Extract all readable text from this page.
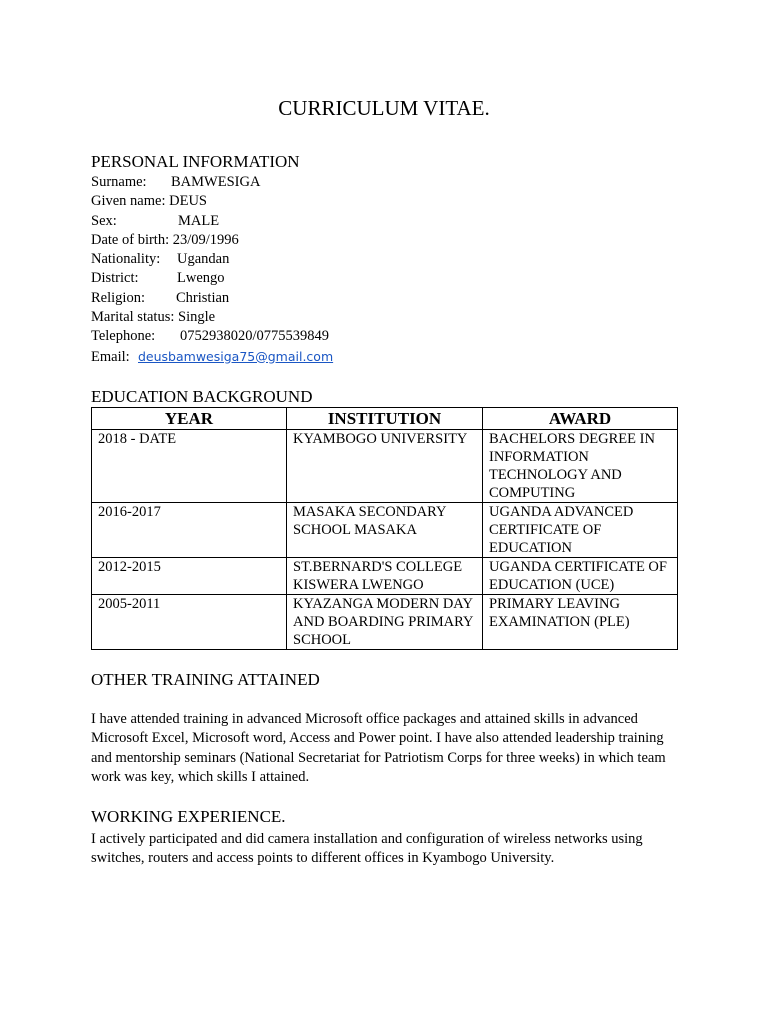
CURRICULUM VITAE.
PERSONAL INFORMATION
Surname: BAMWESIGA
Given name: DEUS
Sex:	MALE
Date of birth: 23/09/1996
Nationality: Ugandan
District:	Lwengo
Religion: Christian
Marital status: Single
Telephone: 0752938020/0775539849
Email: deusbamwesiga75@gmail.com
EDUCATION BACKGROUND
YEAR	INSTITUTION	AWARD
2018 - DATE	KYAMBOGO UNIVERSITY	BACHELORS DEGREE IN INFORMATION TECHNOLOGY AND COMPUTING
2016-2017	MASAKA SECONDARY SCHOOL MASAKA	UGANDA ADVANCED CERTIFICATE OF EDUCATION
2012-2015	ST.BERNARD'S COLLEGE KISWERA LWENGO	UGANDA CERTIFICATE OF EDUCATION (UCE)
2005-2011	KYAZANGA MODERN DAY AND BOARDING PRIMARY SCHOOL	PRIMARY LEAVING EXAMINATION (PLE)
OTHER TRAINING ATTAINED
I have attended training in advanced Microsoft office packages and attained skills in advanced Microsoft Excel, Microsoft word, Access and Power point. I have also attended leadership training and mentorship seminars (National Secretariat for Patriotism Corps for three weeks) in which team work was key, which skills I attained.
WORKING EXPERIENCE.
I actively participated and did camera installation and configuration of wireless networks using switches, routers and access points to different offices in Kyambogo University.
